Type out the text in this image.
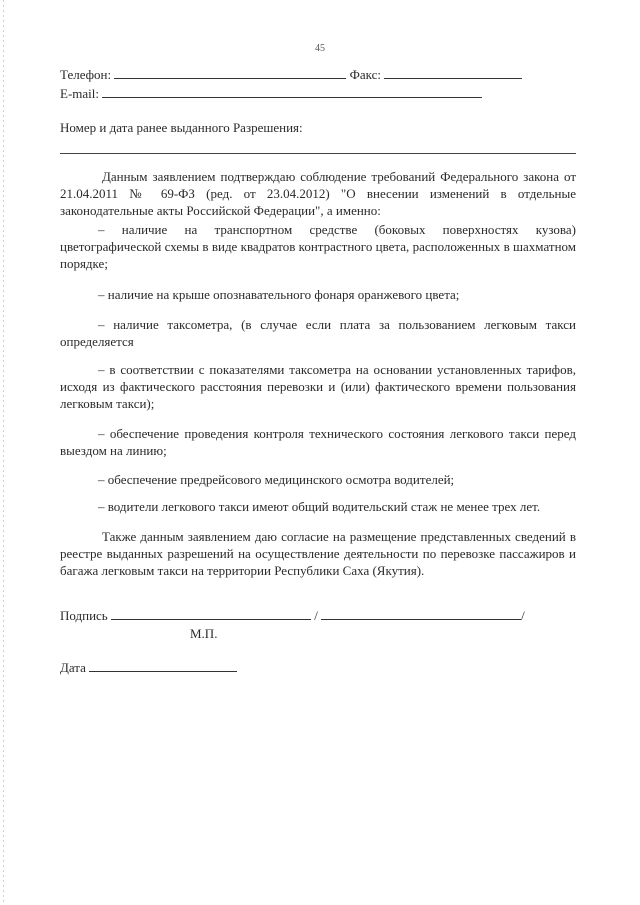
45
Телефон:	Факс:
E-mail:
Номер и дата ранее выданного Разрешения:
Данным заявлением подтверждаю соблюдение требований Федерального закона от 21.04.2011 № 69-ФЗ (ред. от 23.04.2012) "О внесении изменений в отдельные законодательные акты Российской Федерации", а именно:
– наличие на транспортном средстве (боковых поверхностях кузова) цветографической схемы в виде квадратов контрастного цвета, расположенных в шахматном порядке;
– наличие на крыше опознавательного фонаря оранжевого цвета;
– наличие таксометра, (в случае если плата за пользованием легковым такси определяется
– в соответствии с показателями таксометра на основании установленных тарифов, исходя из фактического расстояния перевозки и (или) фактического времени пользования легковым такси);
– обеспечение проведения контроля технического состояния легкового такси перед выездом на линию;
– обеспечение предрейсового медицинского осмотра водителей;
– водители легкового такси имеют общий водительский стаж не менее трех лет.
Также данным заявлением даю согласие на размещение представленных сведений в реестре выданных разрешений на осуществление деятельности по перевозке пассажиров и багажа легковым такси на территории Республики Саха (Якутия).
Подпись	/	/
М.П.
Дата
